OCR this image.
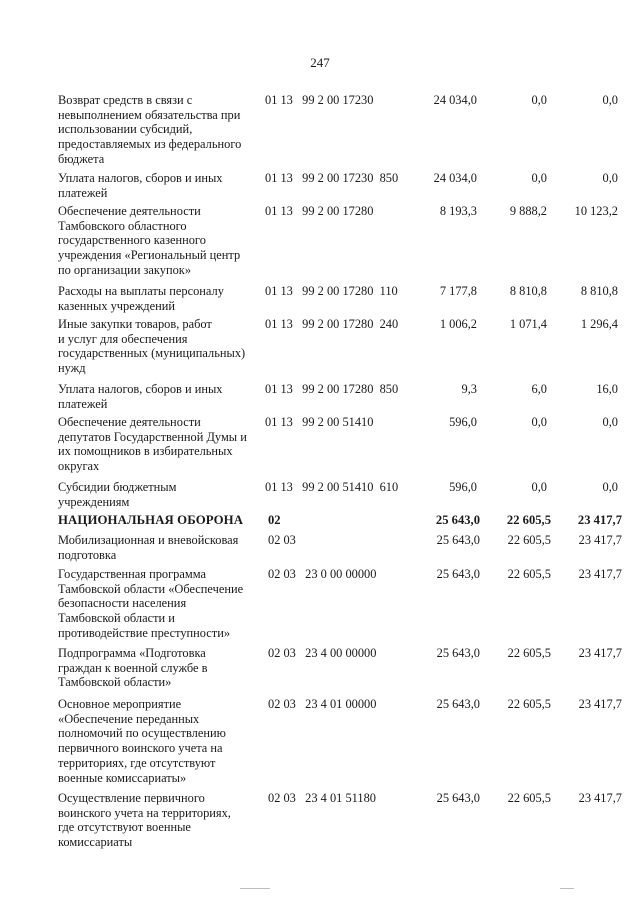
247
Возврат средств в связи с
невыполнением обязательства при
использовании субсидий,
предоставляемых из федерального
бюджета
01 13   99 2 00 17230	24 034,0	0,0	0,0
Уплата налогов, сборов и иных
платежей
01 13   99 2 00 17230  850	24 034,0	0,0	0,0
Обеспечение деятельности
Тамбовского областного
государственного казенного
учреждения «Региональный центр
по организации закупок»
01 13   99 2 00 17280	8 193,3	9 888,2	10 123,2
Расходы на выплаты персоналу
казенных учреждений
01 13   99 2 00 17280  110	7 177,8	8 810,8	8 810,8
Иные закупки товаров, работ
и услуг для обеспечения
государственных (муниципальных)
нужд
01 13   99 2 00 17280  240	1 006,2	1 071,4	1 296,4
Уплата налогов, сборов и иных
платежей
01 13   99 2 00 17280  850	9,3	6,0	16,0
Обеспечение деятельности
депутатов Государственной Думы и
их помощников в избирательных
округах
01 13   99 2 00 51410	596,0	0,0	0,0
Субсидии бюджетным
учреждениям
01 13   99 2 00 51410  610	596,0	0,0	0,0
НАЦИОНАЛЬНАЯ ОБОРОНА	02	25 643,0	22 605,5	23 417,7
Мобилизационная и вневойсковая
подготовка
02 03	25 643,0	22 605,5	23 417,7
Государственная программа
Тамбовской области «Обеспечение
безопасности населения
Тамбовской области и
противодействие преступности»
02 03   23 0 00 00000	25 643,0	22 605,5	23 417,7
Подпрограмма «Подготовка
граждан к военной службе в
Тамбовской области»
02 03   23 4 00 00000	25 643,0	22 605,5	23 417,7
Основное мероприятие
«Обеспечение переданных
полномочий по осуществлению
первичного воинского учета на
территориях, где отсутствуют
военные комиссариаты»
02 03   23 4 01 00000	25 643,0	22 605,5	23 417,7
Осуществление первичного
воинского учета на территориях,
где отсутствуют военные
комиссариаты
02 03   23 4 01 51180	25 643,0	22 605,5	23 417,7
